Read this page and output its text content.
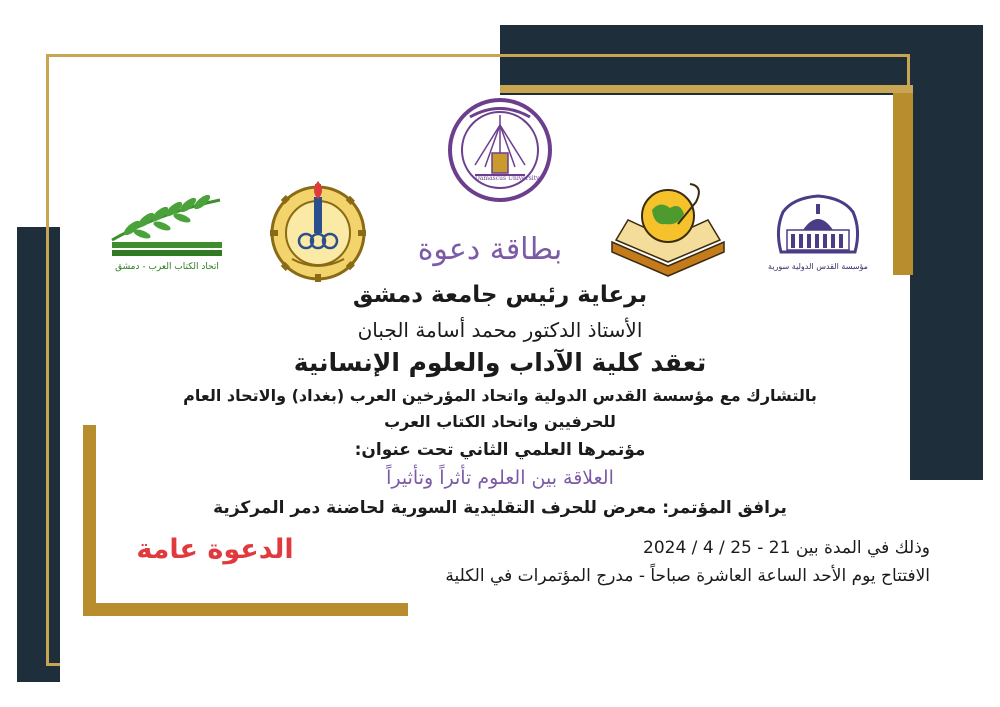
اتحاد الكتاب العرب - دمشق
Damascus University
مؤسسة القدس الدولية سورية
بطاقة دعوة
برعاية رئيس جامعة دمشق
الأستاذ الدكتور محمد أسامة الجبان
تعقد كلية الآداب والعلوم الإنسانية
بالتشارك مع مؤسسة القدس الدولية واتحاد المؤرخين العرب (بغداد) والاتحاد العام
للحرفيين واتحاد الكتاب العرب
مؤتمرها العلمي الثاني تحت عنوان:
العلاقة بين العلوم تأثراً وتأثيراً
يرافق المؤتمر: معرض للحرف التقليدية السورية لحاضنة دمر المركزية
الدعوة عامة	وذلك في المدة بين 21 - 25 / 4 / 2024
الافتتاح يوم الأحد الساعة العاشرة صباحاً - مدرج المؤتمرات في الكلية
